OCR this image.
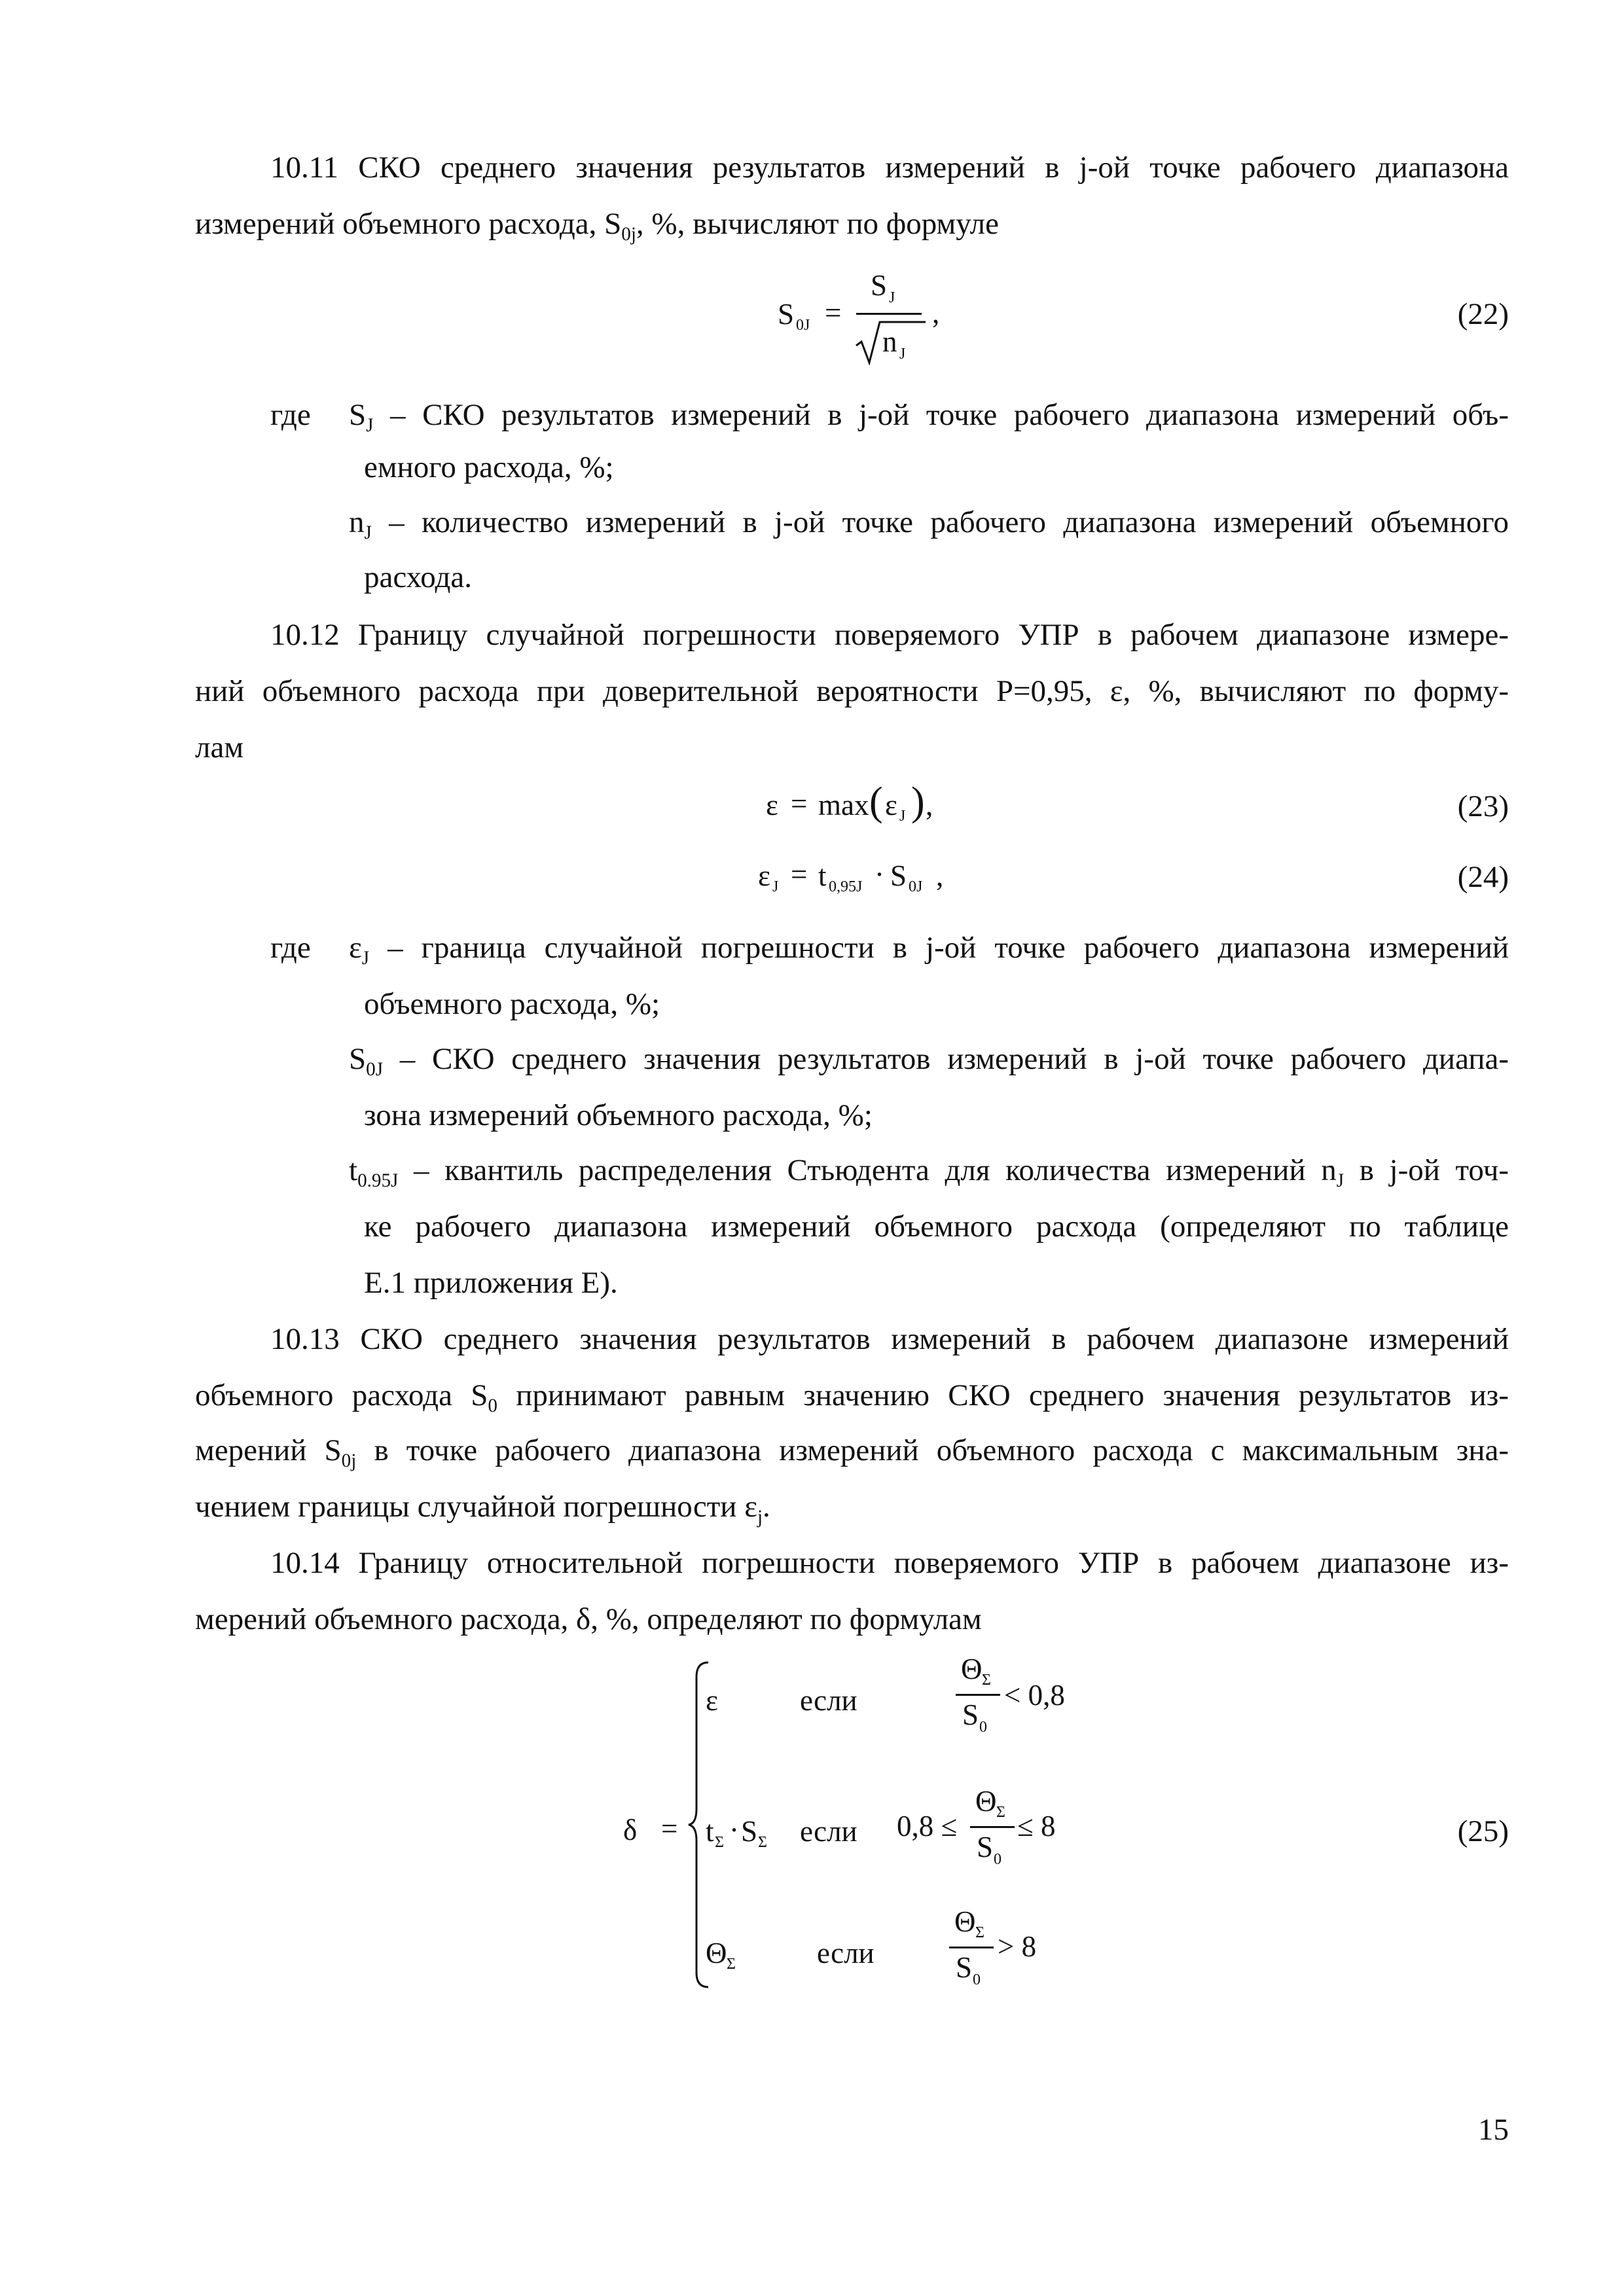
10.11 СКО среднего значения результатов измерений в j-ой точке рабочего диапазона
измерений объемного расхода, $S_{0j}$, %, вычисляют по формуле
S 0J =
S J
n J
,	(22)
где $S_J$ – СКО результатов измерений в j-ой точке рабочего диапазона измерений объ-
емного расхода, %;
$n_J$ – количество измерений в j-ой точке рабочего диапазона измерений объемного
расхода.
10.12 Границу случайной погрешности поверяемого УПР в рабочем диапазоне измере-
ний объемного расхода при доверительной вероятности P=0,95, ε, %, вычисляют по форму-
лам
ε = max ( ε J ) ,	(23)
ε J = t 0,95J · S 0J ,	(24)
где $\varepsilon_J$ – граница случайной погрешности в j-ой точке рабочего диапазона измерений
объемного расхода, %;
$S_{0J}$ – СКО среднего значения результатов измерений в j-ой точке рабочего диапа-
зона измерений объемного расхода, %;
$t_{0.95J}$ – квантиль распределения Стьюдента для количества измерений $n_J$ в j-ой точ-
ке рабочего диапазона измерений объемного расхода (определяют по таблице
Е.1 приложения Е).
10.13 СКО среднего значения результатов измерений в рабочем диапазоне измерений
объемного расхода $S_0$ принимают равным значению СКО среднего значения результатов из-
мерений $S_{0j}$ в точке рабочего диапазона измерений объемного расхода с максимальным зна-
чением границы случайной погрешности $\varepsilon_j$.
10.14 Границу относительной погрешности поверяемого УПР в рабочем диапазоне из-
мерений объемного расхода, δ, %, определяют по формулам
δ =
ε	если
Θ Σ
S 0
< 0,8
t Σ · S Σ если 0,8 ≤
Θ Σ
S 0
≤ 8
Θ Σ	если
Θ Σ
S 0
> 8
(25)
15
